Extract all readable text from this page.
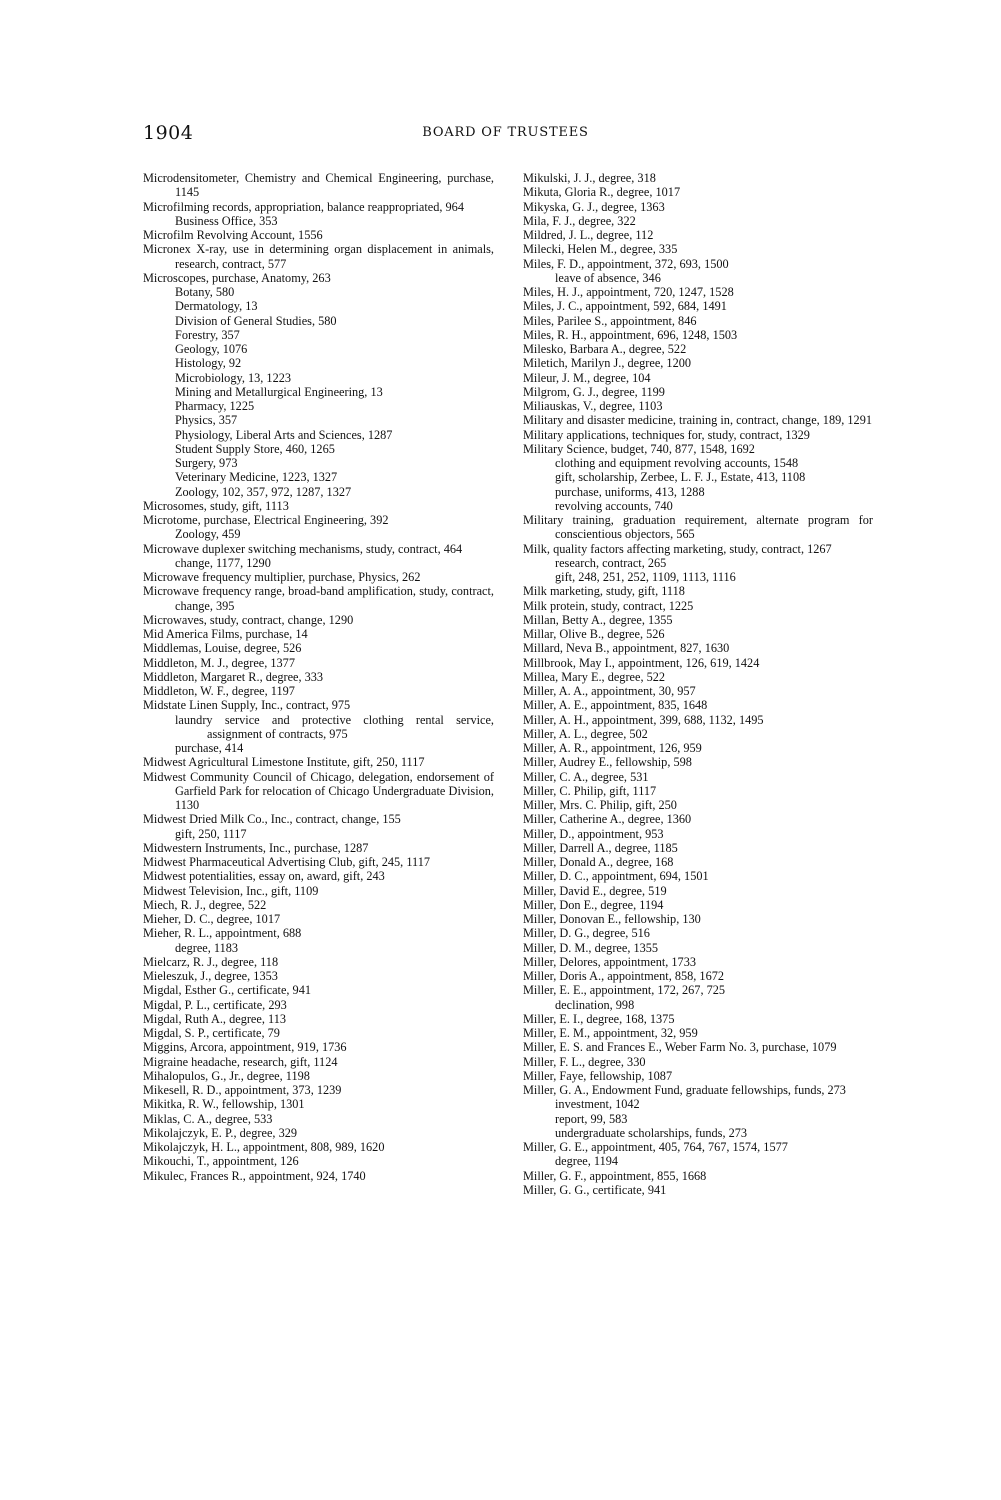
1904	BOARD OF TRUSTEES

Microdensitometer, Chemistry and Chemical Engineering, purchase, 1145

Microfilming records, appropriation, balance reappropriated, 964

Business Office, 353

Microfilm Revolving Account, 1556

Micronex X-ray, use in determining organ displacement in animals, research, contract, 577

Microscopes, purchase, Anatomy, 263

Botany, 580

Dermatology, 13

Division of General Studies, 580

Forestry, 357

Geology, 1076

Histology, 92

Microbiology, 13, 1223

Mining and Metallurgical Engineering, 13

Pharmacy, 1225

Physics, 357

Physiology, Liberal Arts and Sciences, 1287

Student Supply Store, 460, 1265

Surgery, 973

Veterinary Medicine, 1223, 1327

Zoology, 102, 357, 972, 1287, 1327

Microsomes, study, gift, 1113

Microtome, purchase, Electrical Engineering, 392

Zoology, 459

Microwave duplexer switching mechanisms, study, contract, 464

change, 1177, 1290

Microwave frequency multiplier, purchase, Physics, 262

Microwave frequency range, broad-band amplification, study, contract, change, 395

Microwaves, study, contract, change, 1290

Mid America Films, purchase, 14

Middlemas, Louise, degree, 526

Middleton, M. J., degree, 1377

Middleton, Margaret R., degree, 333

Middleton, W. F., degree, 1197

Midstate Linen Supply, Inc., contract, 975

laundry service and protective clothing rental service, assignment of contracts, 975

purchase, 414

Midwest Agricultural Limestone Institute, gift, 250, 1117

Midwest Community Council of Chicago, delegation, endorsement of Garfield Park for relocation of Chicago Undergraduate Division, 1130

Midwest Dried Milk Co., Inc., contract, change, 155

gift, 250, 1117

Midwestern Instruments, Inc., purchase, 1287

Midwest Pharmaceutical Advertising Club, gift, 245, 1117

Midwest potentialities, essay on, award, gift, 243

Midwest Television, Inc., gift, 1109

Miech, R. J., degree, 522

Mieher, D. C., degree, 1017

Mieher, R. L., appointment, 688

degree, 1183

Mielcarz, R. J., degree, 118

Mieleszuk, J., degree, 1353

Migdal, Esther G., certificate, 941

Migdal, P. L., certificate, 293

Migdal, Ruth A., degree, 113

Migdal, S. P., certificate, 79

Miggins, Arcora, appointment, 919, 1736

Migraine headache, research, gift, 1124

Mihalopulos, G., Jr., degree, 1198

Mikesell, R. D., appointment, 373, 1239

Mikitka, R. W., fellowship, 1301

Miklas, C. A., degree, 533

Mikolajczyk, E. P., degree, 329

Mikolajczyk, H. L., appointment, 808, 989, 1620

Mikouchi, T., appointment, 126

Mikulec, Frances R., appointment, 924, 1740

Mikulski, J. J., degree, 318

Mikuta, Gloria R., degree, 1017

Mikyska, G. J., degree, 1363

Mila, F. J., degree, 322

Mildred, J. L., degree, 112

Milecki, Helen M., degree, 335

Miles, F. D., appointment, 372, 693, 1500

leave of absence, 346

Miles, H. J., appointment, 720, 1247, 1528

Miles, J. C., appointment, 592, 684, 1491

Miles, Parilee S., appointment, 846

Miles, R. H., appointment, 696, 1248, 1503

Milesko, Barbara A., degree, 522

Miletich, Marilyn J., degree, 1200

Mileur, J. M., degree, 104

Milgrom, G. J., degree, 1199

Miliauskas, V., degree, 1103

Military and disaster medicine, training in, contract, change, 189, 1291

Military applications, techniques for, study, contract, 1329

Military Science, budget, 740, 877, 1548, 1692

clothing and equipment revolving accounts, 1548

gift, scholarship, Zerbee, L. F. J., Estate, 413, 1108

purchase, uniforms, 413, 1288

revolving accounts, 740

Military training, graduation requirement, alternate program for conscientious objectors, 565

Milk, quality factors affecting marketing, study, contract, 1267

research, contract, 265

gift, 248, 251, 252, 1109, 1113, 1116

Milk marketing, study, gift, 1118

Milk protein, study, contract, 1225

Millan, Betty A., degree, 1355

Millar, Olive B., degree, 526

Millard, Neva B., appointment, 827, 1630

Millbrook, May I., appointment, 126, 619, 1424

Millea, Mary E., degree, 522

Miller, A. A., appointment, 30, 957

Miller, A. E., appointment, 835, 1648

Miller, A. H., appointment, 399, 688, 1132, 1495

Miller, A. L., degree, 502

Miller, A. R., appointment, 126, 959

Miller, Audrey E., fellowship, 598

Miller, C. A., degree, 531

Miller, C. Philip, gift, 1117

Miller, Mrs. C. Philip, gift, 250

Miller, Catherine A., degree, 1360

Miller, D., appointment, 953

Miller, Darrell A., degree, 1185

Miller, Donald A., degree, 168

Miller, D. C., appointment, 694, 1501

Miller, David E., degree, 519

Miller, Don E., degree, 1194

Miller, Donovan E., fellowship, 130

Miller, D. G., degree, 516

Miller, D. M., degree, 1355

Miller, Delores, appointment, 1733

Miller, Doris A., appointment, 858, 1672

Miller, E. E., appointment, 172, 267, 725

declination, 998

Miller, E. I., degree, 168, 1375

Miller, E. M., appointment, 32, 959

Miller, E. S. and Frances E., Weber Farm No. 3, purchase, 1079

Miller, F. L., degree, 330

Miller, Faye, fellowship, 1087

Miller, G. A., Endowment Fund, graduate fellowships, funds, 273

investment, 1042

report, 99, 583

undergraduate scholarships, funds, 273

Miller, G. E., appointment, 405, 764, 767, 1574, 1577

degree, 1194

Miller, G. F., appointment, 855, 1668

Miller, G. G., certificate, 941
